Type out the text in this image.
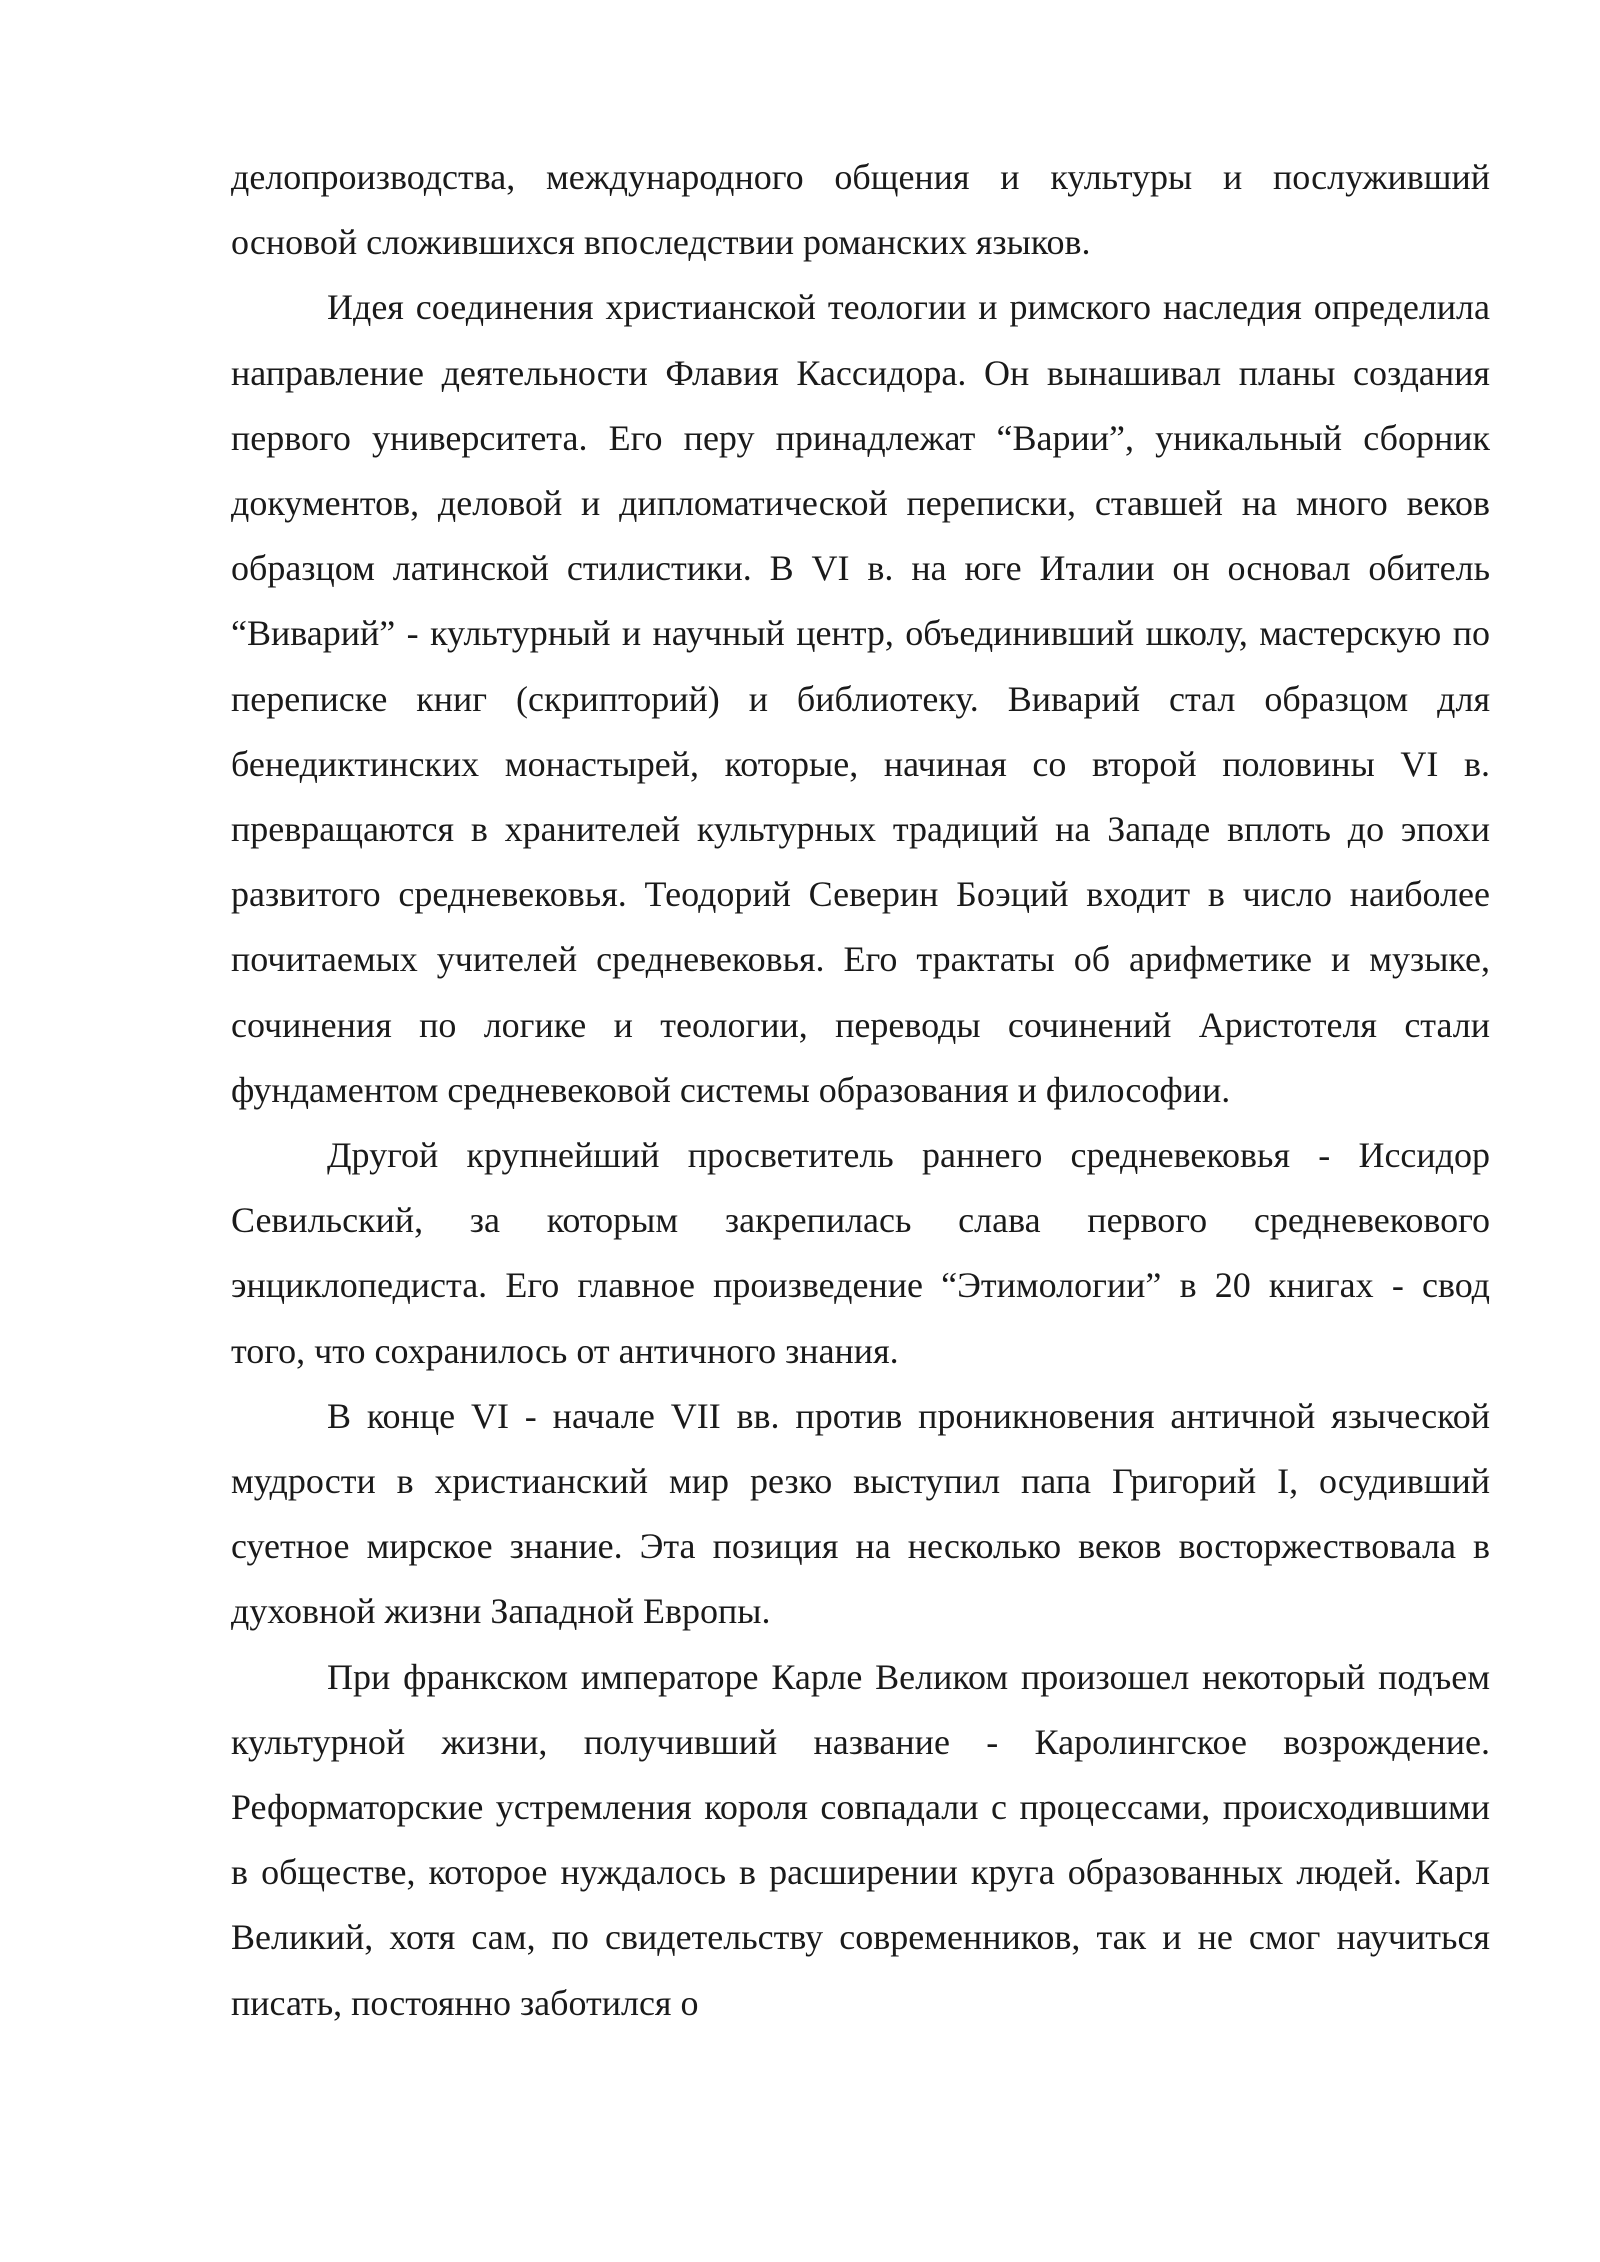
делопроизводства, международного общения и культуры и послуживший основой сложившихся впоследствии романских языков.

Идея соединения христианской теологии и римского наследия определила направление деятельности Флавия Кассидора. Он вынашивал планы создания первого университета. Его перу принадлежат “Варии”, уникальный сборник документов, деловой и дипломатической переписки, ставшей на много веков образцом латинской стилистики. В VI в. на юге Италии он основал обитель “Виварий” - культурный и научный центр, объединивший школу, мастерскую по переписке книг (скрипторий) и библиотеку. Виварий стал образцом для бенедиктинских монастырей, которые, начиная со второй половины VI в. превращаются в хранителей культурных традиций на Западе вплоть до эпохи развитого средневековья. Теодорий Северин Боэций входит в число наиболее почитаемых учителей средневековья. Его трактаты об арифметике и музыке, сочинения по логике и теологии, переводы сочинений Аристотеля стали фундаментом средневековой системы образования и философии.

Другой крупнейший просветитель раннего средневековья - Иссидор Севильский, за которым закрепилась слава первого средневекового энциклопедиста. Его главное произведение “Этимологии” в 20 книгах - свод того, что сохранилось от античного знания.

В конце VI - начале VII вв. против проникновения античной языческой мудрости в христианский мир резко выступил папа Григорий I, осудивший суетное мирское знание. Эта позиция на несколько веков восторжествовала в духовной жизни Западной Европы.

При франкском императоре Карле Великом произошел некоторый подъем культурной жизни, получивший название - Каролингское возрождение. Реформаторские устремления короля совпадали с процессами, происходившими в обществе, которое нуждалось в расширении круга образованных людей. Карл Великий, хотя сам, по свидетельству современников, так и не смог научиться писать, постоянно заботился о
